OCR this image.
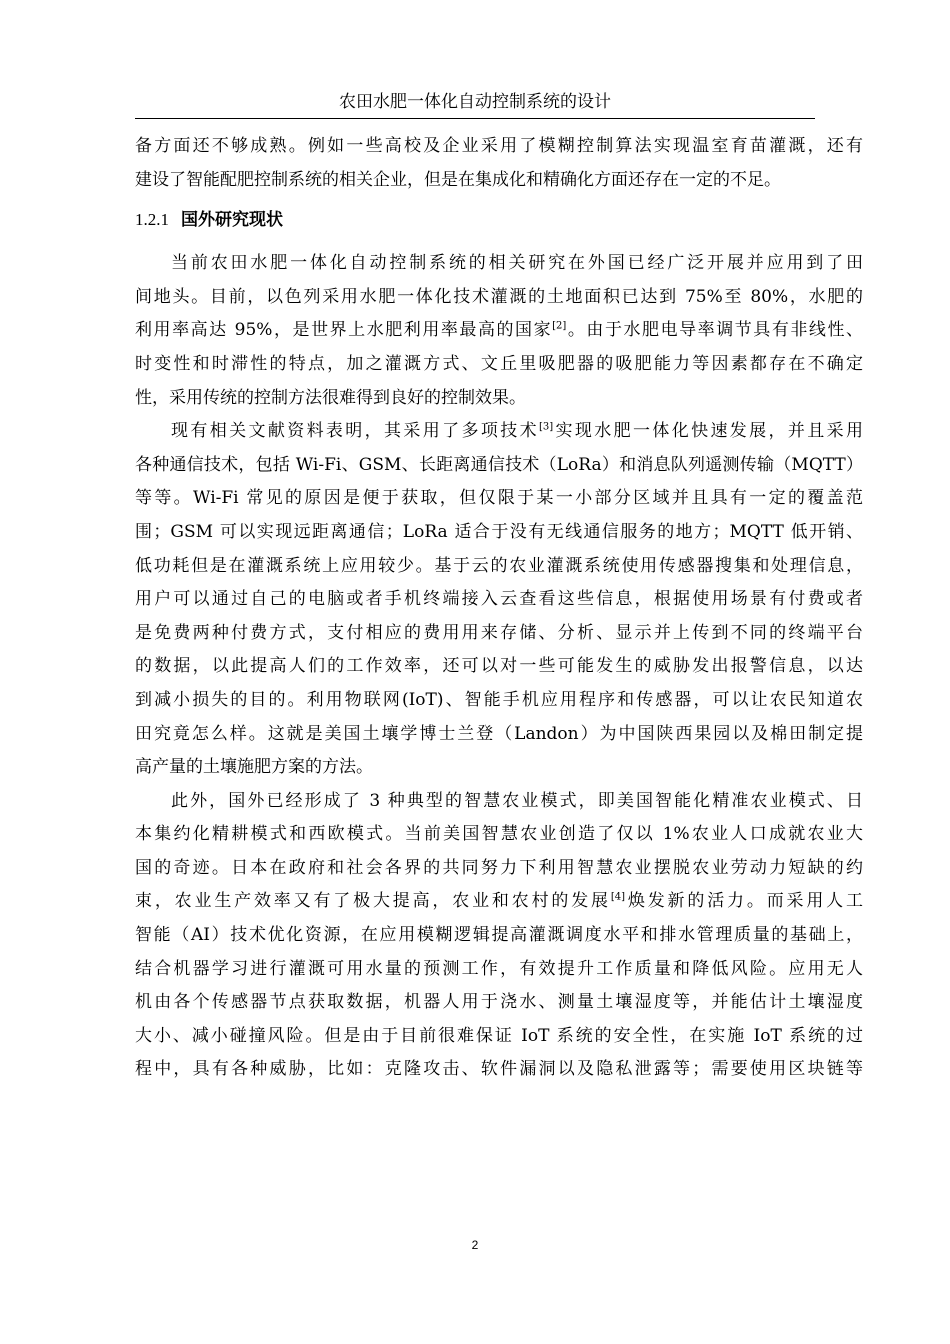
农田水肥一体化自动控制系统的设计

备方面还不够成熟。例如一些高校及企业采用了模糊控制算法实现温室育苗灌溉，还有
建设了智能配肥控制系统的相关企业，但是在集成化和精确化方面还存在一定的不足。

1.2.1 国外研究现状

当前农田水肥一体化自动控制系统的相关研究在外国已经广泛开展并应用到了田
间地头。目前，以色列采用水肥一体化技术灌溉的土地面积已达到 75%至 80%，水肥的
利用率高达 95%，是世界上水肥利用率最高的国家[2]。由于水肥电导率调节具有非线性、
时变性和时滞性的特点，加之灌溉方式、文丘里吸肥器的吸肥能力等因素都存在不确定
性，采用传统的控制方法很难得到良好的控制效果。

现有相关文献资料表明，其采用了多项技术[3]实现水肥一体化快速发展，并且采用
各种通信技术，包括 Wi-Fi、GSM、长距离通信技术（LoRa）和消息队列遥测传输（MQTT）
等等。Wi-Fi 常见的原因是便于获取，但仅限于某一小部分区域并且具有一定的覆盖范
围；GSM 可以实现远距离通信；LoRa 适合于没有无线通信服务的地方；MQTT 低开销、
低功耗但是在灌溉系统上应用较少。基于云的农业灌溉系统使用传感器搜集和处理信息，
用户可以通过自己的电脑或者手机终端接入云查看这些信息，根据使用场景有付费或者
是免费两种付费方式，支付相应的费用用来存储、分析、显示并上传到不同的终端平台
的数据，以此提高人们的工作效率，还可以对一些可能发生的威胁发出报警信息，以达
到减小损失的目的。利用物联网(IoT)、智能手机应用程序和传感器，可以让农民知道农
田究竟怎么样。这就是美国土壤学博士兰登（Landon）为中国陕西果园以及棉田制定提
高产量的土壤施肥方案的方法。

此外，国外已经形成了 3 种典型的智慧农业模式，即美国智能化精准农业模式、日
本集约化精耕模式和西欧模式。当前美国智慧农业创造了仅以 1%农业人口成就农业大
国的奇迹。日本在政府和社会各界的共同努力下利用智慧农业摆脱农业劳动力短缺的约
束，农业生产效率又有了极大提高，农业和农村的发展[4]焕发新的活力。而采用人工
智能（AI）技术优化资源，在应用模糊逻辑提高灌溉调度水平和排水管理质量的基础上，
结合机器学习进行灌溉可用水量的预测工作，有效提升工作质量和降低风险。应用无人
机由各个传感器节点获取数据，机器人用于浇水、测量土壤湿度等，并能估计土壤湿度
大小、减小碰撞风险。但是由于目前很难保证 IoT 系统的安全性，在实施 IoT 系统的过
程中，具有各种威胁，比如：克隆攻击、软件漏洞以及隐私泄露等；需要使用区块链等

2
